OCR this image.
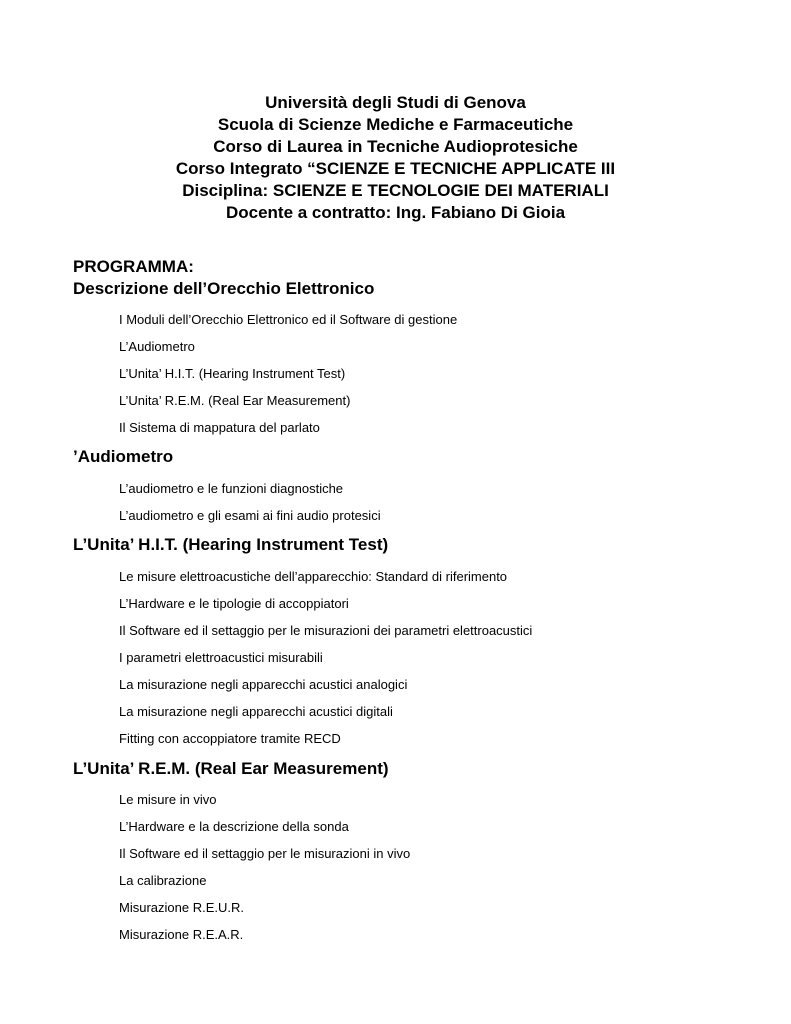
Università degli Studi di Genova
Scuola di Scienze Mediche e Farmaceutiche
Corso di Laurea in Tecniche Audioprotesiche
Corso Integrato “SCIENZE E TECNICHE APPLICATE III
Disciplina: SCIENZE E TECNOLOGIE DEI MATERIALI
Docente a contratto: Ing. Fabiano Di Gioia
PROGRAMMA:
Descrizione dell’Orecchio Elettronico
I Moduli dell’Orecchio Elettronico ed il Software di gestione
L’Audiometro
L’Unita’ H.I.T. (Hearing Instrument Test)
L’Unita’ R.E.M. (Real Ear Measurement)
Il Sistema di mappatura del parlato
’Audiometro
L’audiometro e le funzioni diagnostiche
L’audiometro e gli esami ai fini audio protesici
L’Unita’ H.I.T. (Hearing Instrument Test)
Le misure elettroacustiche dell’apparecchio: Standard di riferimento
L’Hardware e le tipologie di accoppiatori
Il Software ed il settaggio per le misurazioni dei parametri elettroacustici
I parametri elettroacustici misurabili
La misurazione negli apparecchi acustici analogici
La misurazione negli apparecchi acustici digitali
Fitting con accoppiatore tramite RECD
L’Unita’ R.E.M. (Real Ear Measurement)
Le misure in vivo
L’Hardware e la descrizione della sonda
Il Software ed il settaggio per le misurazioni in vivo
La calibrazione
Misurazione R.E.U.R.
Misurazione R.E.A.R.
